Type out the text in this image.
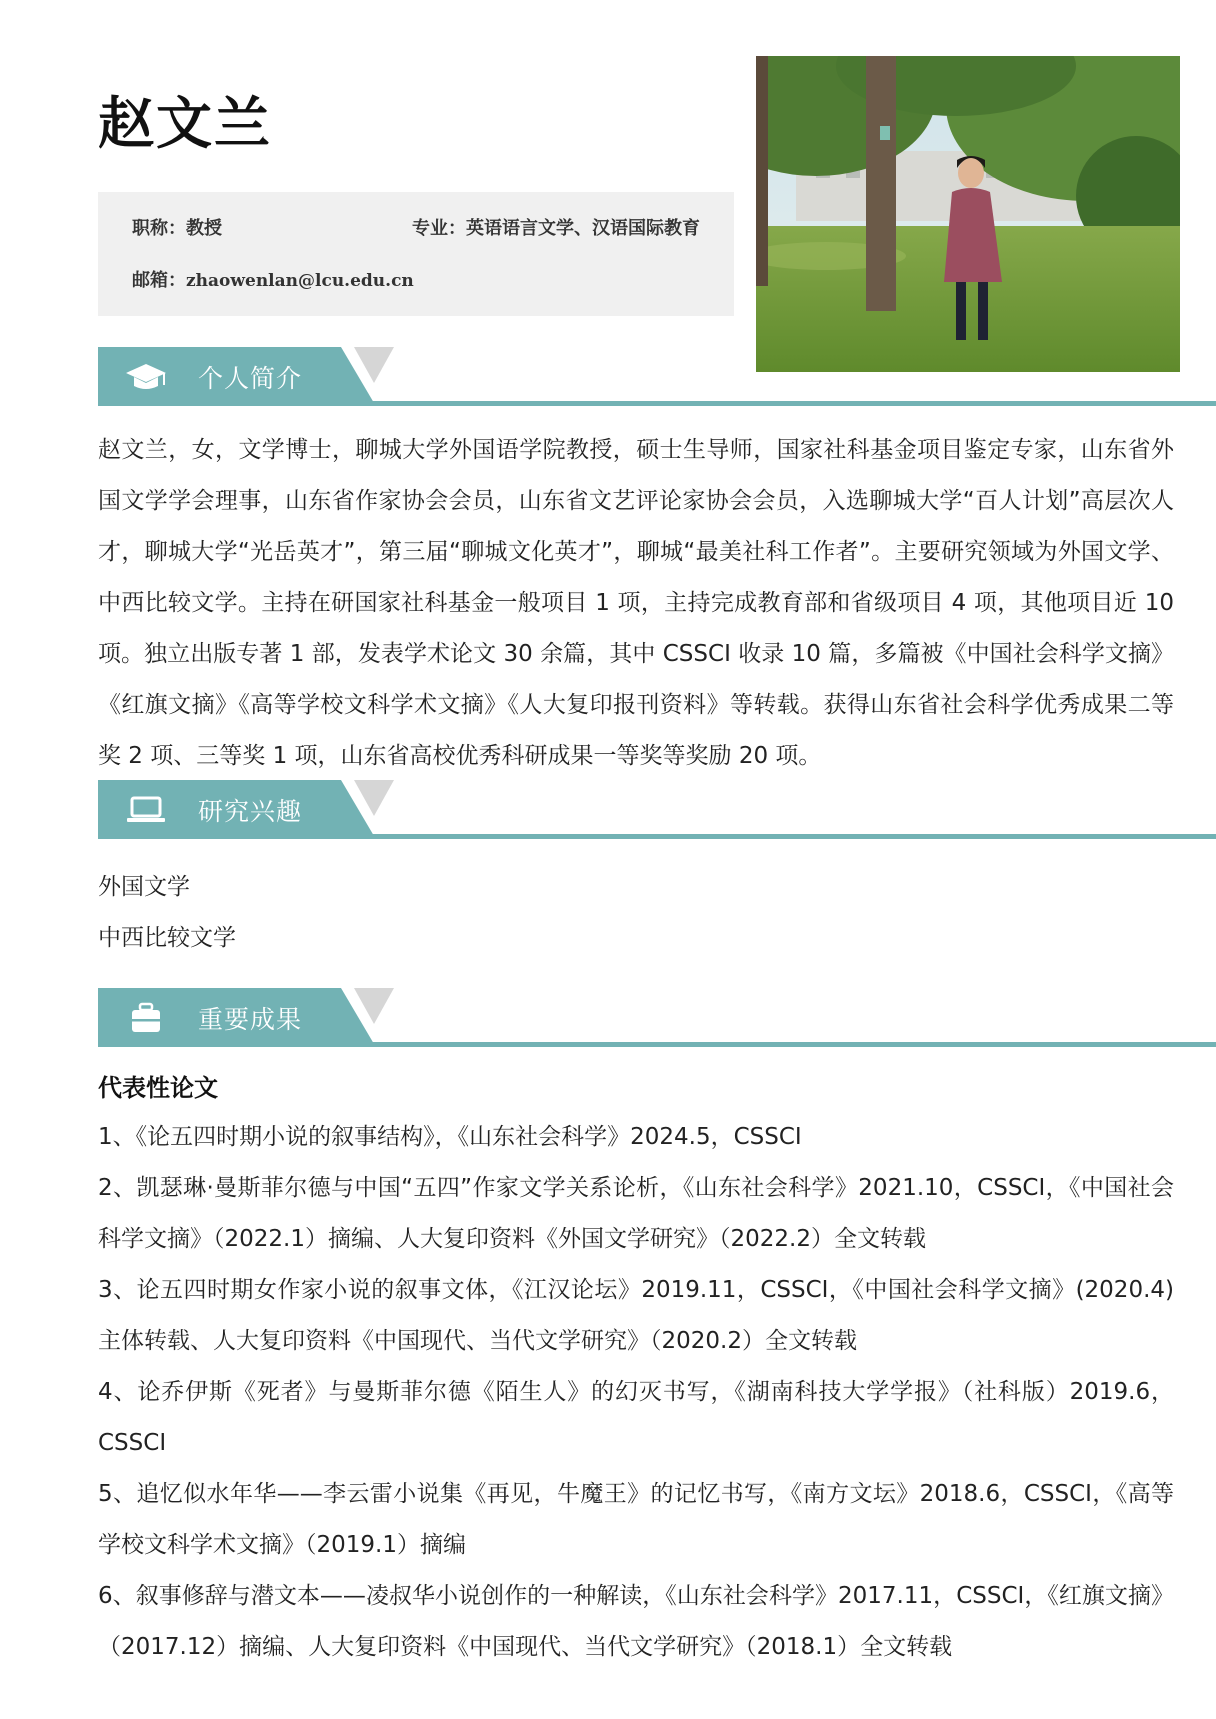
赵文兰
职称：教授	专业：英语语言文学、汉语国际教育
邮箱：zhaowenlan@lcu.edu.cn
个人简介

赵文兰，女，文学博士，聊城大学外国语学院教授，硕士生导师，国家社科基金项目鉴定专家，山东省外国文学学会理事，山东省作家协会会员，山东省文艺评论家协会会员，入选聊城大学“百人计划”高层次人才，聊城大学“光岳英才”，第三届“聊城文化英才”，聊城“最美社科工作者”。主要研究领域为外国文学、中西比较文学。主持在研国家社科基金一般项目 1 项，主持完成教育部和省级项目 4 项，其他项目近 10 项。独立出版专著 1 部，发表学术论文 30 余篇，其中 CSSCI 收录 10 篇，多篇被《中国社会科学文摘》《红旗文摘》《高等学校文科学术文摘》《人大复印报刊资料》等转载。获得山东省社会科学优秀成果二等奖 2 项、三等奖 1 项，山东省高校优秀科研成果一等奖等奖励 20 项。

研究兴趣
外国文学
中西比较文学
重要成果
代表性论文
1、《论五四时期小说的叙事结构》，《山东社会科学》2024.5，CSSCI
2、凯瑟琳·曼斯菲尔德与中国“五四”作家文学关系论析，《山东社会科学》2021.10，CSSCI，《中国社会科学文摘》（2022.1）摘编、人大复印资料《外国文学研究》（2022.2）全文转载
3、论五四时期女作家小说的叙事文体，《江汉论坛》2019.11，CSSCI，《中国社会科学文摘》(2020.4) 主体转载、人大复印资料《中国现代、当代文学研究》（2020.2）全文转载
4、论乔伊斯《死者》与曼斯菲尔德《陌生人》的幻灭书写，《湖南科技大学学报》（社科版）2019.6，CSSCI
5、追忆似水年华——李云雷小说集《再见，牛魔王》的记忆书写，《南方文坛》2018.6，CSSCI，《高等学校文科学术文摘》（2019.1）摘编
6、叙事修辞与潜文本——凌叔华小说创作的一种解读，《山东社会科学》2017.11，CSSCI，《红旗文摘》（2017.12）摘编、人大复印资料《中国现代、当代文学研究》（2018.1）全文转载
